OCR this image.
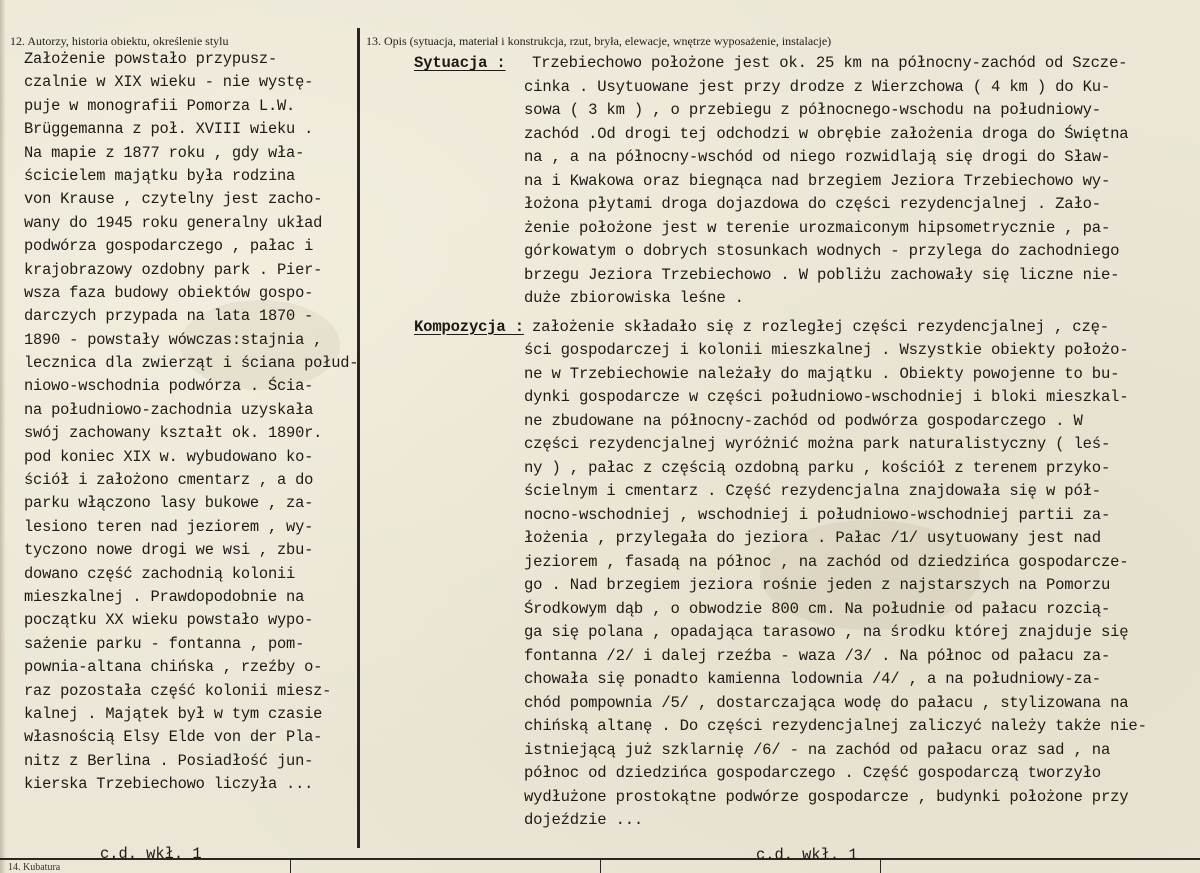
12. Autorzy, historia obiektu, określenie stylu	13. Opis (sytuacja, materiał i konstrukcja, rzut, bryła, elewacje, wnętrze wyposażenie, instalacje)
Założenie powstało przypusz-
czalnie w XIX wieku - nie wystę-
puje w monografii Pomorza L.W.
Brüggemanna z poł. XVIII wieku .
Na mapie z 1877 roku , gdy wła-
ścicielem majątku była rodzina
von Krause , czytelny jest zacho-
wany do 1945 roku generalny układ
podwórza gospodarczego , pałac i
krajobrazowy ozdobny park . Pier-
wsza faza budowy obiektów gospo-
darczych przypada na lata 1870 -
1890 - powstały wówczas:stajnia ,
lecznica dla zwierząt i ściana połud-
niowo-wschodnia podwórza . Ścia-
na południowo-zachodnia uzyskała
swój zachowany kształt ok. 1890r.
pod koniec XIX w. wybudowano ko-
ściół i założono cmentarz , a do
parku włączono lasy bukowe , za-
lesiono teren nad jeziorem , wy-
tyczono nowe drogi we wsi , zbu-
dowano część zachodnią kolonii
mieszkalnej . Prawdopodobnie na
początku XX wieku powstało wypo-
sażenie parku - fontanna , pom-
pownia-altana chińska , rzeźby o-
raz pozostała część kolonii miesz-
kalnej . Majątek był w tym czasie
własnością Elsy Elde von der Pla-
nitz z Berlina . Posiadłość jun-
kierska Trzebiechowo liczyła ...
c.d. wkł. 1
Sytuacja : Trzebiechowo położone jest ok. 25 km na północny-zachód od Szcze-
cinka . Usytuowane jest przy drodze z Wierzchowa ( 4 km ) do Ku-
sowa ( 3 km ) , o przebiegu z północnego-wschodu na południowy-
zachód .Od drogi tej odchodzi w obrębie założenia droga do Świętna
na , a na północny-wschód od niego rozwidlają się drogi do Sław-
na i Kwakowa oraz biegnąca nad brzegiem Jeziora Trzebiechowo wy-
łożona płytami droga dojazdowa do części rezydencjalnej . Zało-
żenie położone jest w terenie urozmaiconym hipsometrycznie , pa-
górkowatym o dobrych stosunkach wodnych - przylega do zachodniego
brzegu Jeziora Trzebiechowo . W pobliżu zachowały się liczne nie-
duże zbiorowiska leśne .
Kompozycja : założenie składało się z rozległej części rezydencjalnej , czę-
ści gospodarczej i kolonii mieszkalnej . Wszystkie obiekty położo-
ne w Trzebiechowie należały do majątku . Obiekty powojenne to bu-
dynki gospodarcze w części południowo-wschodniej i bloki mieszkal-
ne zbudowane na północny-zachód od podwórza gospodarczego . W
części rezydencjalnej wyróżnić można park naturalistyczny ( leś-
ny ) , pałac z częścią ozdobną parku , kościół z terenem przyko-
ścielnym i cmentarz . Część rezydencjalna znajdowała się w pół-
nocno-wschodniej , wschodniej i południowo-wschodniej partii za-
łożenia , przylegała do jeziora . Pałac /1/ usytuowany jest nad
jeziorem , fasadą na północ , na zachód od dziedzińca gospodarcze-
go . Nad brzegiem jeziora rośnie jeden z najstarszych na Pomorzu
Środkowym dąb , o obwodzie 800 cm. Na południe od pałacu rozcią-
ga się polana , opadająca tarasowo , na środku której znajduje się
fontanna /2/ i dalej rzeźba - waza /3/ . Na północ od pałacu za-
chowała się ponadto kamienna lodownia /4/ , a na południowy-za-
chód pompownia /5/ , dostarczająca wodę do pałacu , stylizowana na
chińską altanę . Do części rezydencjalnej zaliczyć należy także nie-
istniejącą już szklarnię /6/ - na zachód od pałacu oraz sad , na
północ od dziedzińca gospodarczego . Część gospodarczą tworzyło
wydłużone prostokątne podwórze gospodarcze , budynki położone przy
dojeździe ...
c.d. wkł. 1
14. Kubatura
